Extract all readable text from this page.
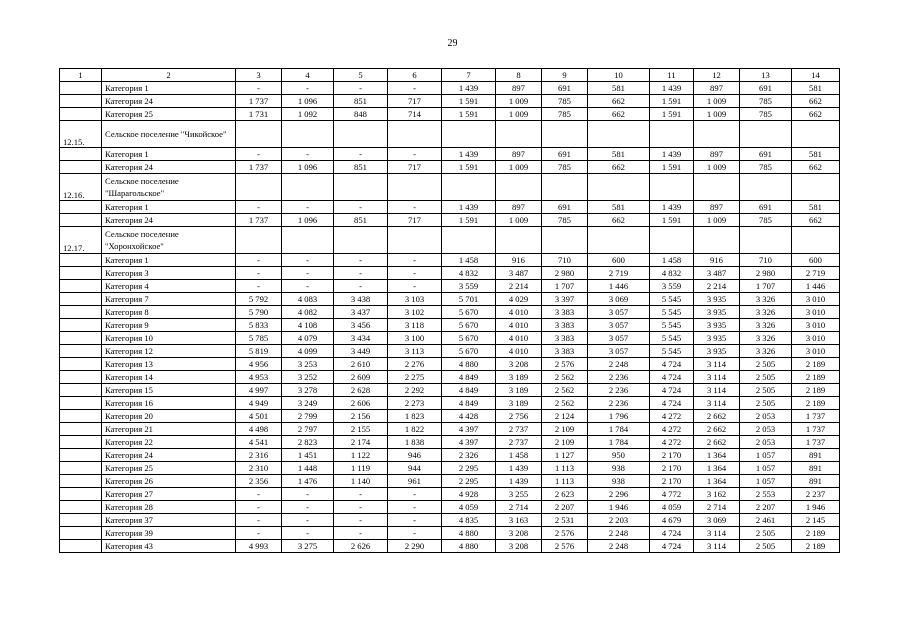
29
1	2	3	4	5	6	7	8	9	10	11	12	13	14
	Категория 1	-	-	-	-	1 439	897	691	581	1 439	897	691	581
	Категория 24	1 737	1 096	851	717	1 591	1 009	785	662	1 591	1 009	785	662
	Категория 25	1 731	1 092	848	714	1 591	1 009	785	662	1 591	1 009	785	662
12.15.	Сельское поселение "Чикойское"												
	Категория 1	-	-	-	-	1 439	897	691	581	1 439	897	691	581
	Категория 24	1 737	1 096	851	717	1 591	1 009	785	662	1 591	1 009	785	662
12.16.	Сельское поселение "Шарагольское"												
	Категория 1	-	-	-	-	1 439	897	691	581	1 439	897	691	581
	Категория 24	1 737	1 096	851	717	1 591	1 009	785	662	1 591	1 009	785	662
12.17.	Сельское поселение "Хоронхойское"												
	Категория 1	-	-	-	-	1 458	916	710	600	1 458	916	710	600
	Категория 3	-	-	-	-	4 832	3 487	2 980	2 719	4 832	3 487	2 980	2 719
	Категория 4	-	-	-	-	3 559	2 214	1 707	1 446	3 559	2 214	1 707	1 446
	Категория 7	5 792	4 083	3 438	3 103	5 701	4 029	3 397	3 069	5 545	3 935	3 326	3 010
	Категория 8	5 790	4 082	3 437	3 102	5 670	4 010	3 383	3 057	5 545	3 935	3 326	3 010
	Категория 9	5 833	4 108	3 456	3 118	5 670	4 010	3 383	3 057	5 545	3 935	3 326	3 010
	Категория 10	5 785	4 079	3 434	3 100	5 670	4 010	3 383	3 057	5 545	3 935	3 326	3 010
	Категория 12	5 819	4 099	3 449	3 113	5 670	4 010	3 383	3 057	5 545	3 935	3 326	3 010
	Категория 13	4 956	3 253	2 610	2 276	4 880	3 208	2 576	2 248	4 724	3 114	2 505	2 189
	Категория 14	4 953	3 252	2 609	2 275	4 849	3 189	2 562	2 236	4 724	3 114	2 505	2 189
	Категория 15	4 997	3 278	2 628	2 292	4 849	3 189	2 562	2 236	4 724	3 114	2 505	2 189
	Категория 16	4 949	3 249	2 606	2 273	4 849	3 189	2 562	2 236	4 724	3 114	2 505	2 189
	Категория 20	4 501	2 799	2 156	1 823	4 428	2 756	2 124	1 796	4 272	2 662	2 053	1 737
	Категория 21	4 498	2 797	2 155	1 822	4 397	2 737	2 109	1 784	4 272	2 662	2 053	1 737
	Категория 22	4 541	2 823	2 174	1 838	4 397	2 737	2 109	1 784	4 272	2 662	2 053	1 737
	Категория 24	2 316	1 451	1 122	946	2 326	1 458	1 127	950	2 170	1 364	1 057	891
	Категория 25	2 310	1 448	1 119	944	2 295	1 439	1 113	938	2 170	1 364	1 057	891
	Категория 26	2 356	1 476	1 140	961	2 295	1 439	1 113	938	2 170	1 364	1 057	891
	Категория 27	-	-	-	-	4 928	3 255	2 623	2 296	4 772	3 162	2 553	2 237
	Категория 28	-	-	-	-	4 059	2 714	2 207	1 946	4 059	2 714	2 207	1 946
	Категория 37	-	-	-	-	4 835	3 163	2 531	2 203	4 679	3 069	2 461	2 145
	Категория 39	-	-	-	-	4 880	3 208	2 576	2 248	4 724	3 114	2 505	2 189
	Категория 43	4 993	3 275	2 626	2 290	4 880	3 208	2 576	2 248	4 724	3 114	2 505	2 189
